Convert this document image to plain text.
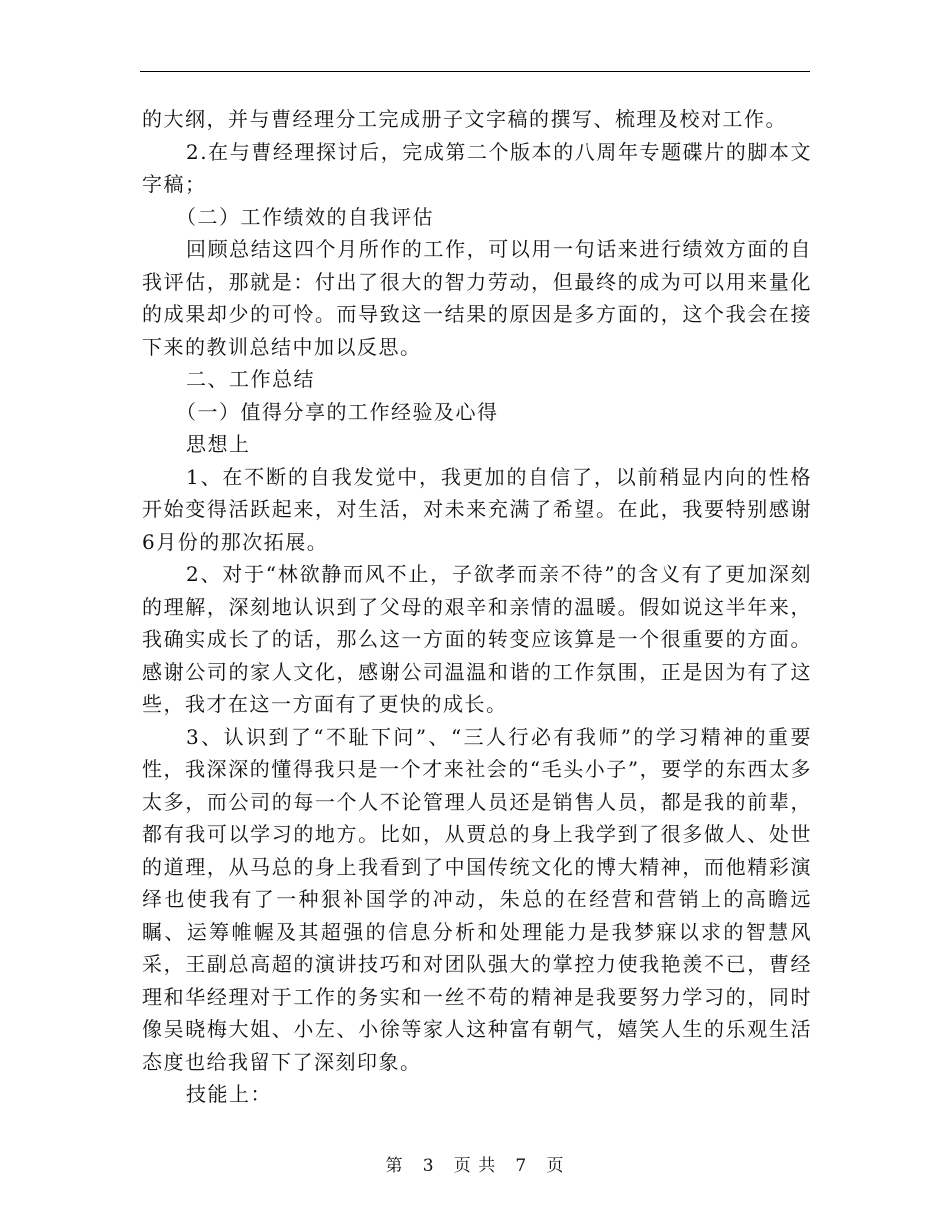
的大纲，并与曹经理分工完成册子文字稿的撰写、梳理及校对工作。

2.在与曹经理探讨后，完成第二个版本的八周年专题碟片的脚本文字稿；

（二）工作绩效的自我评估

回顾总结这四个月所作的工作，可以用一句话来进行绩效方面的自我评估，那就是：付出了很大的智力劳动，但最终的成为可以用来量化的成果却少的可怜。而导致这一结果的原因是多方面的，这个我会在接下来的教训总结中加以反思。

二、工作总结

（一）值得分享的工作经验及心得

思想上

1、在不断的自我发觉中，我更加的自信了，以前稍显内向的性格开始变得活跃起来，对生活，对未来充满了希望。在此，我要特别感谢6月份的那次拓展。

2、对于“林欲静而风不止，子欲孝而亲不待”的含义有了更加深刻的理解，深刻地认识到了父母的艰辛和亲情的温暖。假如说这半年来，我确实成长了的话，那么这一方面的转变应该算是一个很重要的方面。感谢公司的家人文化，感谢公司温温和谐的工作氛围，正是因为有了这些，我才在这一方面有了更快的成长。

3、认识到了“不耻下问”、“三人行必有我师”的学习精神的重要性，我深深的懂得我只是一个才来社会的“毛头小子”，要学的东西太多太多，而公司的每一个人不论管理人员还是销售人员，都是我的前辈，都有我可以学习的地方。比如，从贾总的身上我学到了很多做人、处世的道理，从马总的身上我看到了中国传统文化的博大精神，而他精彩演绎也使我有了一种狠补国学的冲动，朱总的在经营和营销上的高瞻远瞩、运筹帷幄及其超强的信息分析和处理能力是我梦寐以求的智慧风采，王副总高超的演讲技巧和对团队强大的掌控力使我艳羡不已，曹经理和华经理对于工作的务实和一丝不苟的精神是我要努力学习的，同时像吴晓梅大姐、小左、小徐等家人这种富有朝气，嬉笑人生的乐观生活态度也给我留下了深刻印象。

技能上：

第 3 页 共 7 页
